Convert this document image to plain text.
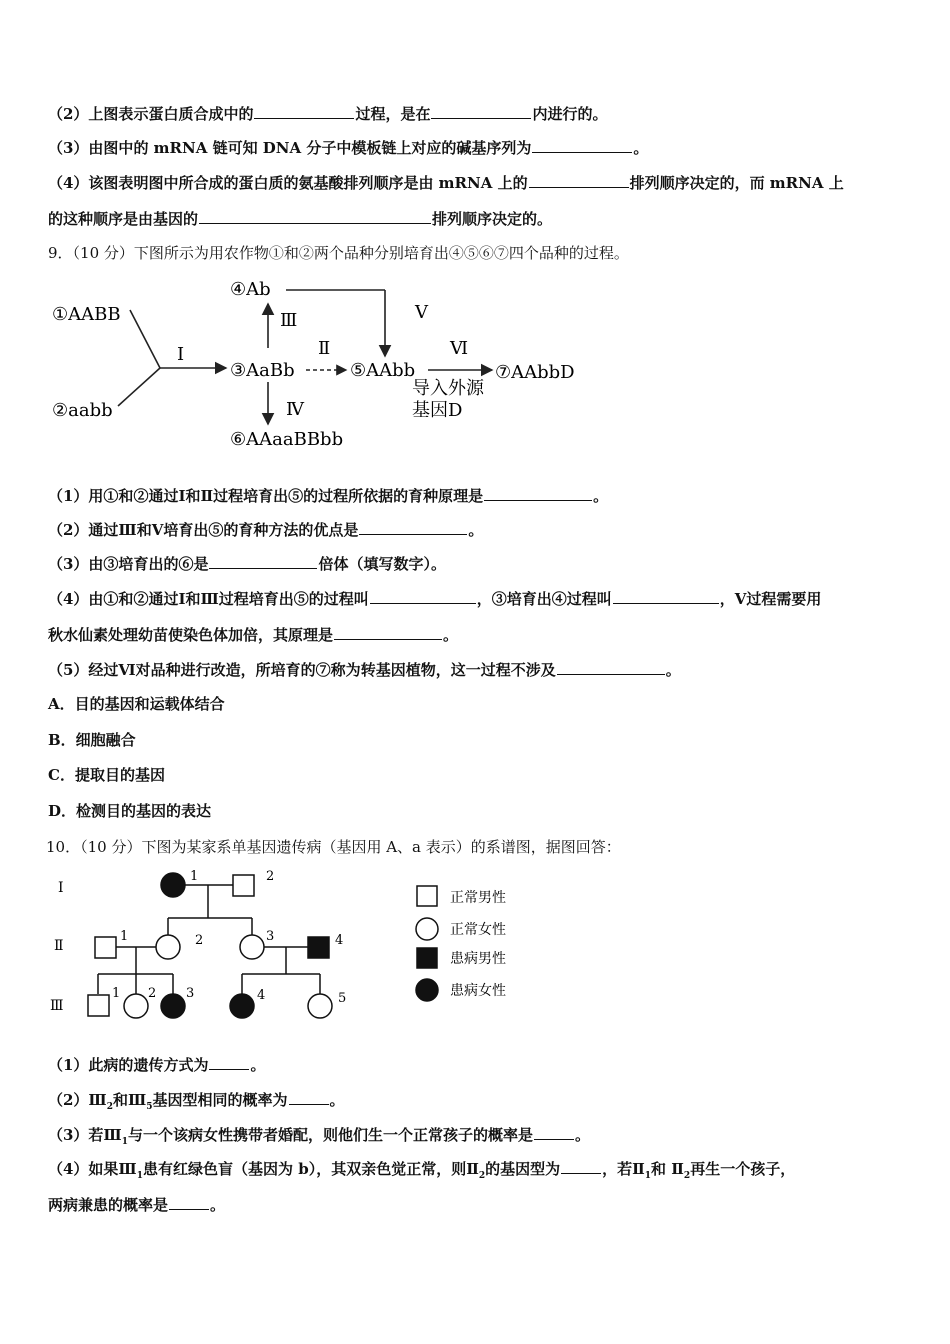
（2）上图表示蛋白质合成中的	过程，是在	内进行的。
（3）由图中的 mRNA 链可知 DNA 分子中模板链上对应的碱基序列为	。
（4）该图表明图中所合成的蛋白质的氨基酸排列顺序是由 mRNA 上的	排列顺序决定的，而 mRNA 上
的这种顺序是由基因的	排列顺序决定的。
9．（10 分）下图所示为用农作物①和②两个品种分别培育出④⑤⑥⑦四个品种的过程。
①AABB
②aabb
③AaBb
④Ab
⑤AAbb
⑥AAaaBBbb
⑦AAbbD
Ⅰ	Ⅱ
Ⅲ
Ⅳ
Ⅴ
Ⅵ
导入外源
基因D
（1）用①和②通过Ⅰ和Ⅱ过程培育出⑤的过程所依据的育种原理是	。
（2）通过Ⅲ和Ⅴ培育出⑤的育种方法的优点是	。
（3）由③培育出的⑥是	倍体（填写数字）。
（4）由①和②通过Ⅰ和Ⅲ过程培育出⑤的过程叫	，③培育出④过程叫	，Ⅴ过程需要用
秋水仙素处理幼苗使染色体加倍，其原理是	。
（5）经过Ⅵ对品种进行改造，所培育的⑦称为转基因植物，这一过程不涉及	。
A．目的基因和运载体结合
B．细胞融合
C．提取目的基因
D．检测目的基因的表达
10．（10 分）下图为某家系单基因遗传病（基因用 A、a 表示）的系谱图，据图回答：
Ⅰ
Ⅱ
Ⅲ
1	2
1	2	3	4
1 2 3	4	5
正常男性
正常女性
患病男性
患病女性
（1）此病的遗传方式为	。
$(2)Ⅲ_2$和$Ⅲ_5$基因型相同的概率为	。
（3）若$Ⅲ_1$与一个该病女性携带者婚配，则他们生一个正常孩子的概率是	。
（4）如果$Ⅲ_1$患有红绿色盲（基因为 b），其双亲色觉正常，则$Ⅱ_2$的基因型为	，若$Ⅱ_1$和 $Ⅱ_2$再生一个孩子，
两病兼患的概率是	。
